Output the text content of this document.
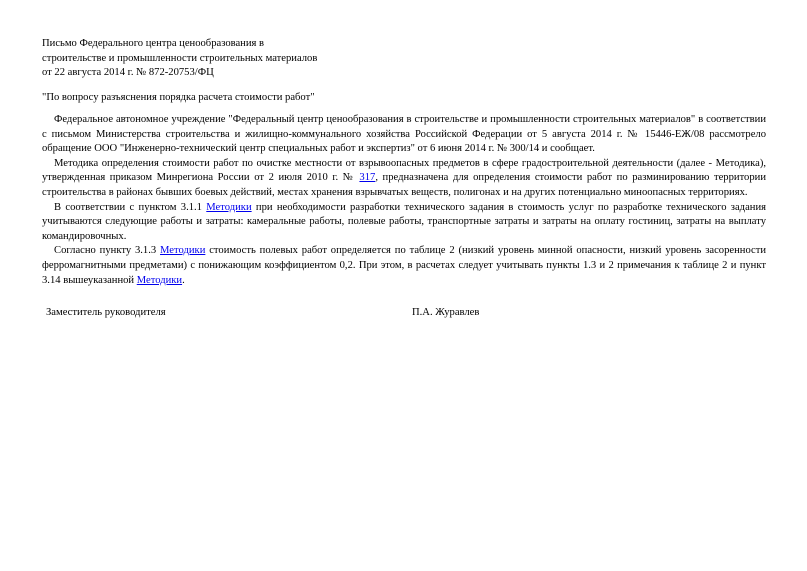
Письмо Федерального центра ценообразования в
строительстве и промышленности строительных материалов
от 22 августа 2014 г. № 872-20753/ФЦ
"По вопросу разъяснения порядка расчета стоимости работ"

Федеральное автономное учреждение "Федеральный центр ценообразования в строительстве и промышленности строительных материалов" в соответствии с письмом Министерства строительства и жилищно-коммунального хозяйства Российской Федерации от 5 августа 2014 г. № 15446-ЕЖ/08 рассмотрело обращение ООО "Инженерно-технический центр специальных работ и экспертиз" от 6 июня 2014 г. № 300/14 и сообщает.

Методика определения стоимости работ по очистке местности от взрывоопасных предметов в сфере градостроительной деятельности (далее - Методика), утвержденная приказом Минрегиона России от 2 июля 2010 г. № 317, предназначена для определения стоимости работ по разминированию территории строительства в районах бывших боевых действий, местах хранения взрывчатых веществ, полигонах и на других потенциально миноопасных территориях.

В соответствии с пунктом 3.1.1 Методики при необходимости разработки технического задания в стоимость услуг по разработке технического задания учитываются следующие работы и затраты: камеральные работы, полевые работы, транспортные затраты и затраты на оплату гостиниц, затраты на выплату командировочных.

Согласно пункту 3.1.3 Методики стоимость полевых работ определяется по таблице 2 (низкий уровень минной опасности, низкий уровень засоренности ферромагнитными предметами) с понижающим коэффициентом 0,2. При этом, в расчетах следует учитывать пункты 1.3 и 2 примечания к таблице 2 и пункт 3.14 вышеуказанной Методики.

Заместитель руководителя	П.А. Журавлев
